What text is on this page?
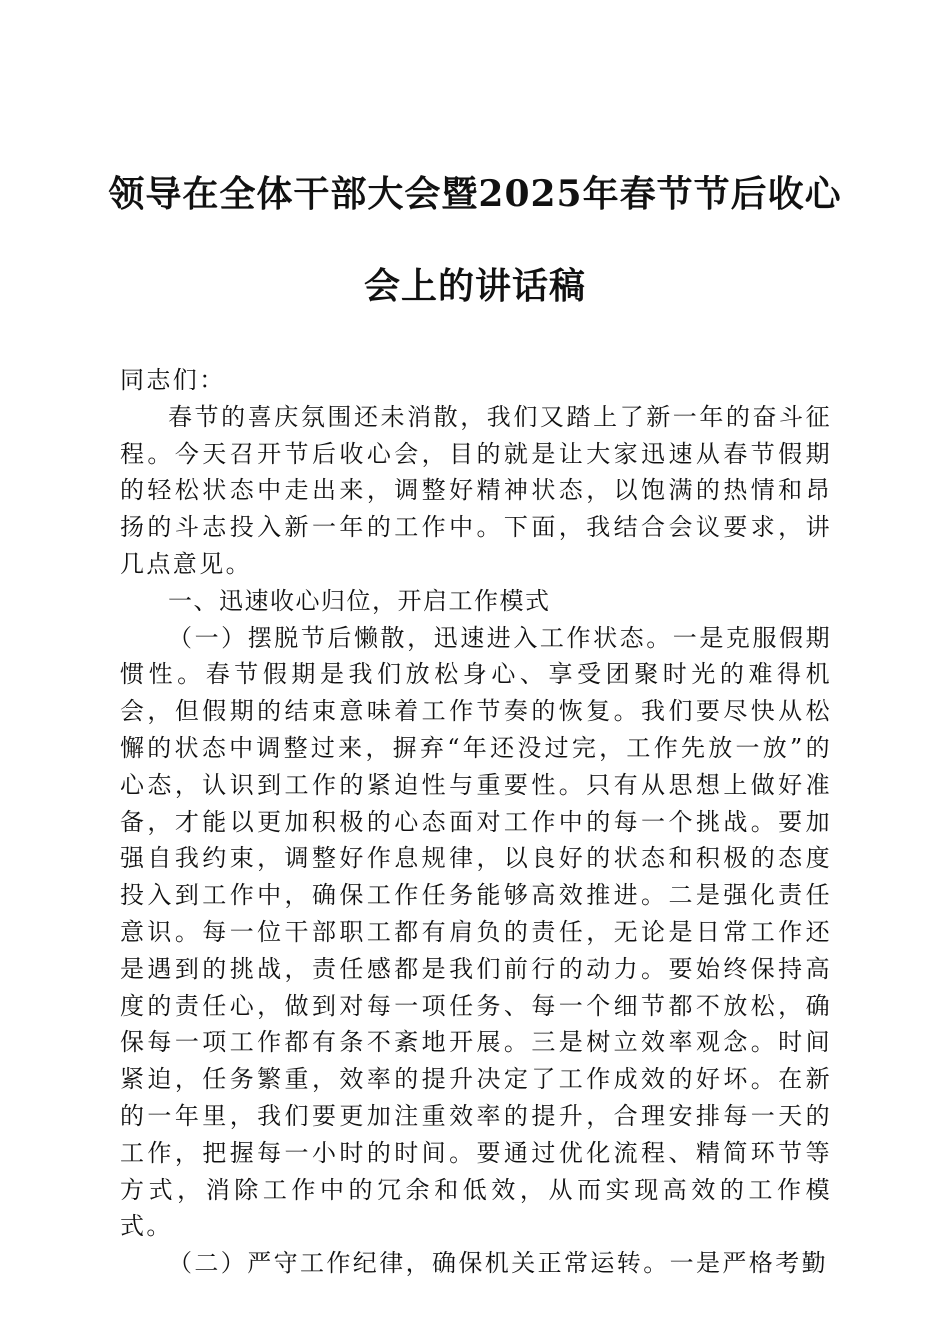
领导在全体干部大会暨2025年春节节后收心
会上的讲话稿

同志们：

春节的喜庆氛围还未消散，我们又踏上了新一年的奋斗征程。今天召开节后收心会，目的就是让大家迅速从春节假期的轻松状态中走出来，调整好精神状态，以饱满的热情和昂扬的斗志投入新一年的工作中。下面，我结合会议要求，讲几点意见。

一、迅速收心归位，开启工作模式

（一）摆脱节后懒散，迅速进入工作状态。一是克服假期惯性。春节假期是我们放松身心、享受团聚时光的难得机会，但假期的结束意味着工作节奏的恢复。我们要尽快从松懈的状态中调整过来，摒弃“年还没过完，工作先放一放”的心态，认识到工作的紧迫性与重要性。只有从思想上做好准备，才能以更加积极的心态面对工作中的每一个挑战。要加强自我约束，调整好作息规律，以良好的状态和积极的态度投入到工作中，确保工作任务能够高效推进。二是强化责任意识。每一位干部职工都有肩负的责任，无论是日常工作还是遇到的挑战，责任感都是我们前行的动力。要始终保持高度的责任心，做到对每一项任务、每一个细节都不放松，确保每一项工作都有条不紊地开展。三是树立效率观念。时间紧迫，任务繁重，效率的提升决定了工作成效的好坏。在新的一年里，我们要更加注重效率的提升，合理安排每一天的工作，把握每一小时的时间。要通过优化流程、精简环节等方式，消除工作中的冗余和低效，从而实现高效的工作模式。

（二）严守工作纪律，确保机关正常运转。一是严格考勤
